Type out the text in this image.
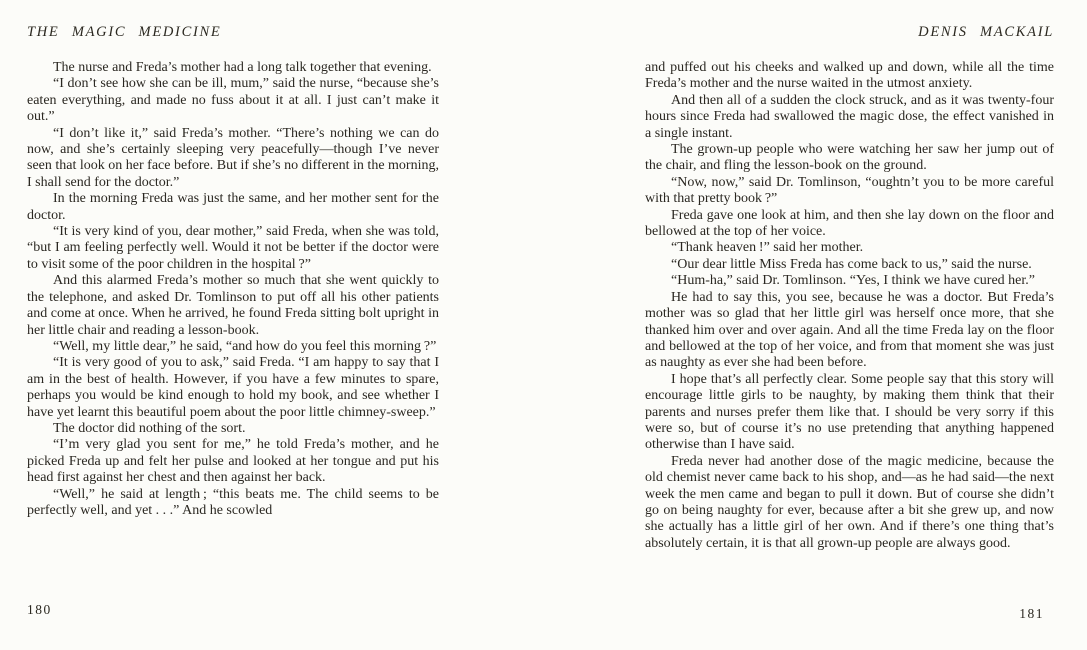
THE MAGIC MEDICINE

The nurse and Freda’s mother had a long talk together that evening.

“I don’t see how she can be ill, mum,” said the nurse, “because she’s eaten everything, and made no fuss about it at all. I just can’t make it out.”

“I don’t like it,” said Freda’s mother. “There’s nothing we can do now, and she’s certainly sleeping very peacefully—though I’ve never seen that look on her face before. But if she’s no different in the morning, I shall send for the doctor.”

In the morning Freda was just the same, and her mother sent for the doctor.

“It is very kind of you, dear mother,” said Freda, when she was told, “but I am feeling perfectly well. Would it not be better if the doctor were to visit some of the poor children in the hospital ?”

And this alarmed Freda’s mother so much that she went quickly to the telephone, and asked Dr. Tomlinson to put off all his other patients and come at once. When he arrived, he found Freda sitting bolt upright in her little chair and reading a lesson-book.

“Well, my little dear,” he said, “and how do you feel this morning ?”

“It is very good of you to ask,” said Freda. “I am happy to say that I am in the best of health. However, if you have a few minutes to spare, perhaps you would be kind enough to hold my book, and see whether I have yet learnt this beautiful poem about the poor little chimney-sweep.”

The doctor did nothing of the sort.

“I’m very glad you sent for me,” he told Freda’s mother, and he picked Freda up and felt her pulse and looked at her tongue and put his head first against her chest and then against her back.

“Well,” he said at length ; “this beats me. The child seems to be perfectly well, and yet . . .” And he scowled

180
DENIS MACKAIL

and puffed out his cheeks and walked up and down, while all the time Freda’s mother and the nurse waited in the utmost anxiety.

And then all of a sudden the clock struck, and as it was twenty-four hours since Freda had swallowed the magic dose, the effect vanished in a single instant.

The grown-up people who were watching her saw her jump out of the chair, and fling the lesson-book on the ground.

“Now, now,” said Dr. Tomlinson, “oughtn’t you to be more careful with that pretty book ?”

Freda gave one look at him, and then she lay down on the floor and bellowed at the top of her voice.

“Thank heaven !” said her mother.

“Our dear little Miss Freda has come back to us,” said the nurse.

“Hum-ha,” said Dr. Tomlinson. “Yes, I think we have cured her.”

He had to say this, you see, because he was a doctor. But Freda’s mother was so glad that her little girl was herself once more, that she thanked him over and over again. And all the time Freda lay on the floor and bellowed at the top of her voice, and from that moment she was just as naughty as ever she had been before.

I hope that’s all perfectly clear. Some people say that this story will encourage little girls to be naughty, by making them think that their parents and nurses prefer them like that. I should be very sorry if this were so, but of course it’s no use pretending that anything happened otherwise than I have said.

Freda never had another dose of the magic medicine, because the old chemist never came back to his shop, and—as he had said—the next week the men came and began to pull it down. But of course she didn’t go on being naughty for ever, because after a bit she grew up, and now she actually has a little girl of her own. And if there’s one thing that’s absolutely certain, it is that all grown-up people are always good.

181
